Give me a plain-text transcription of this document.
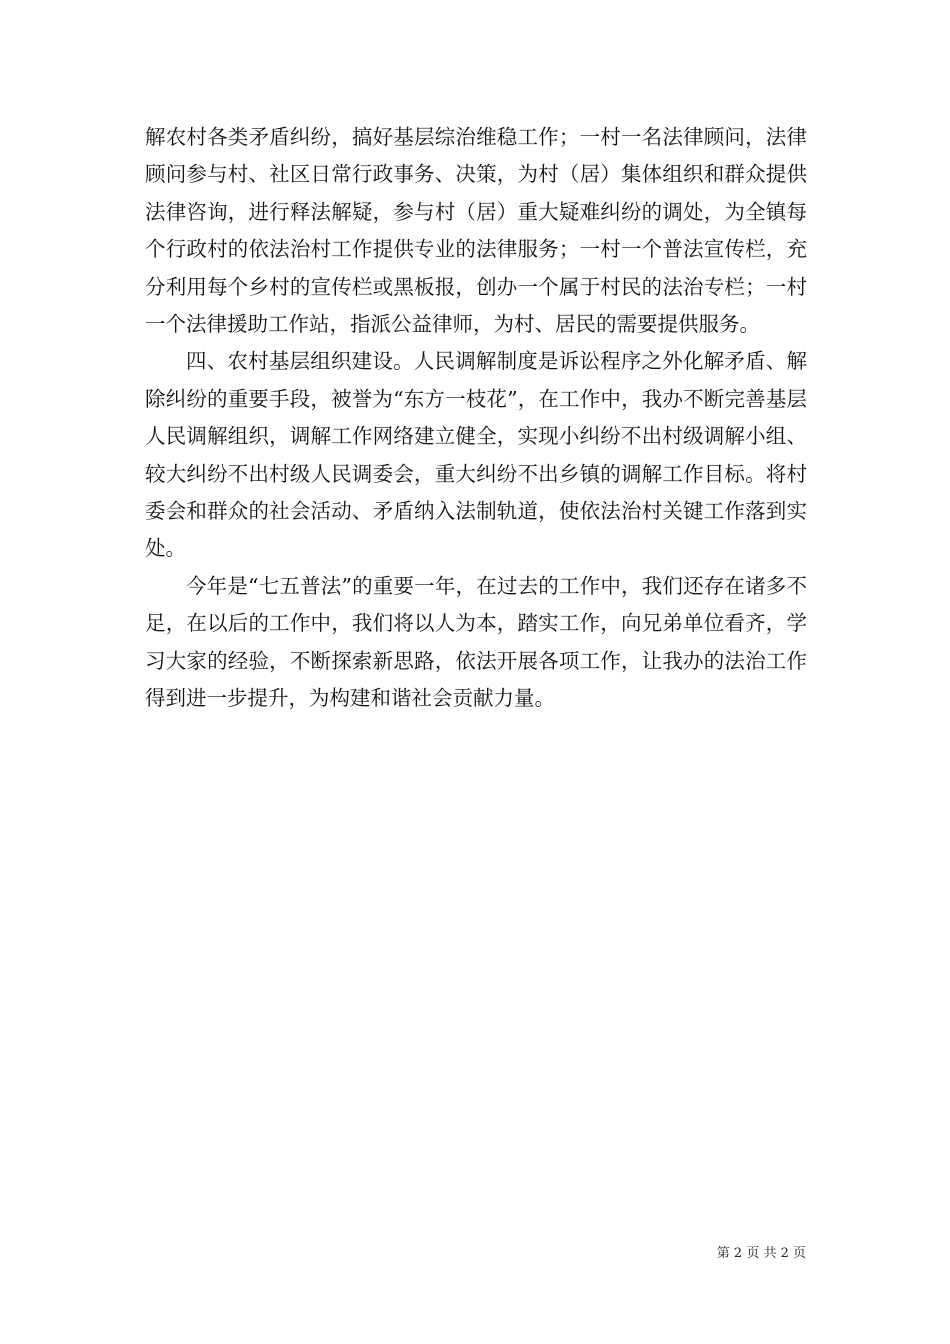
解农村各类矛盾纠纷，搞好基层综治维稳工作；一村一名法律顾问，法律顾问参与村、社区日常行政事务、决策，为村（居）集体组织和群众提供法律咨询，进行释法解疑，参与村（居）重大疑难纠纷的调处，为全镇每个行政村的依法治村工作提供专业的法律服务；一村一个普法宣传栏，充分利用每个乡村的宣传栏或黑板报，创办一个属于村民的法治专栏；一村一个法律援助工作站，指派公益律师，为村、居民的需要提供服务。

四、农村基层组织建设。人民调解制度是诉讼程序之外化解矛盾、解除纠纷的重要手段，被誉为“东方一枝花”，在工作中，我办不断完善基层人民调解组织，调解工作网络建立健全，实现小纠纷不出村级调解小组、较大纠纷不出村级人民调委会，重大纠纷不出乡镇的调解工作目标。将村委会和群众的社会活动、矛盾纳入法制轨道，使依法治村关键工作落到实处。

今年是“七五普法”的重要一年，在过去的工作中，我们还存在诸多不足，在以后的工作中，我们将以人为本，踏实工作，向兄弟单位看齐，学习大家的经验，不断探索新思路，依法开展各项工作，让我办的法治工作得到进一步提升，为构建和谐社会贡献力量。

第 2 页 共 2 页
